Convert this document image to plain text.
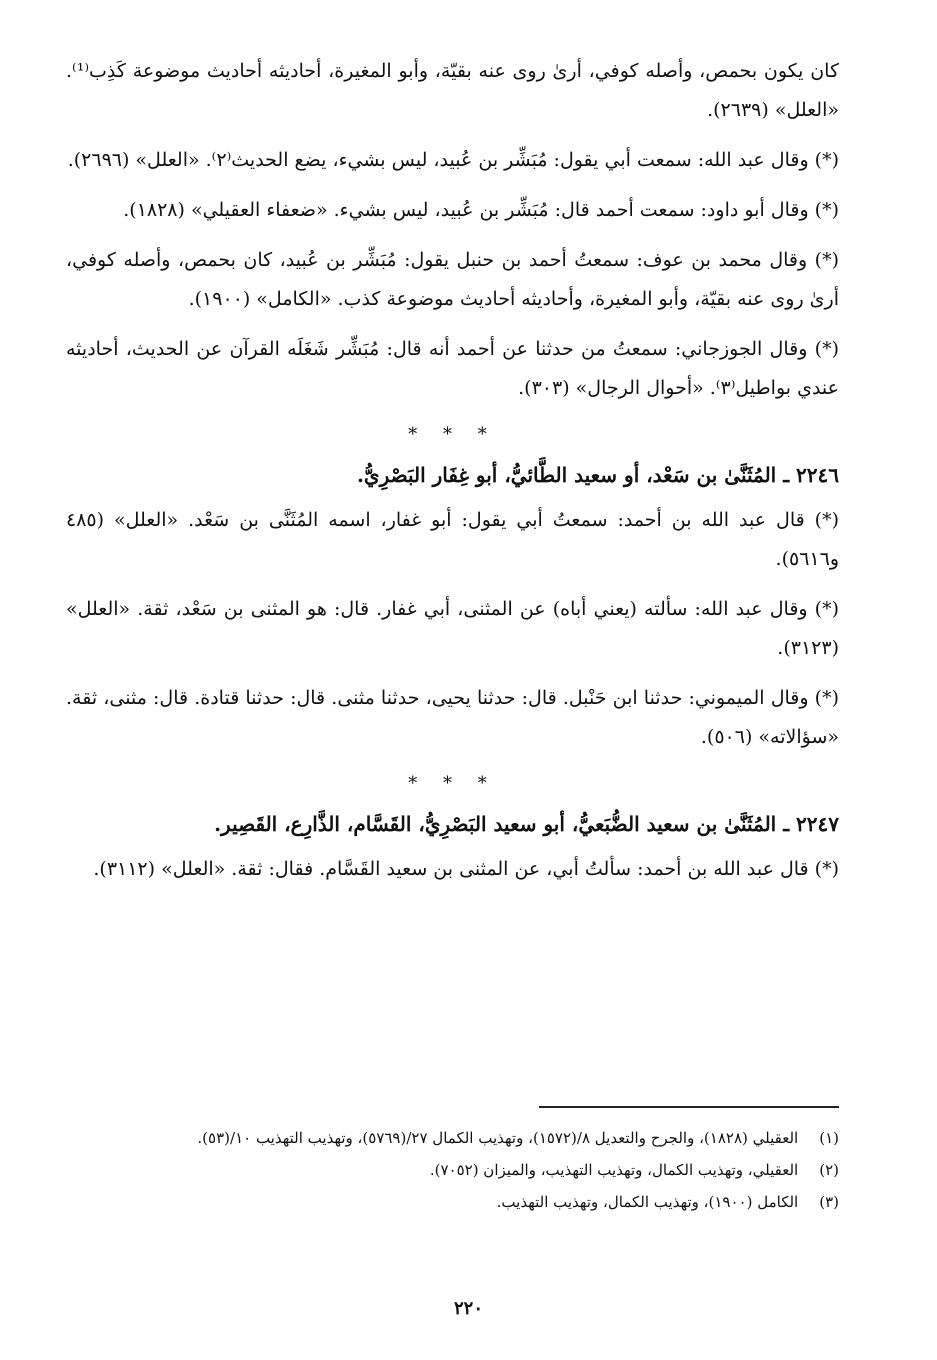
كان يكون بحمص، وأصله كوفي، أرىٰ روى عنه بقيّة، وأبو المغيرة، أحاديثه أحاديث موضوعة كَذِب⁽¹⁾. «العلل» (٢٦٣٩).

(*) وقال عبد الله: سمعت أبي يقول: مُبَشِّر بن عُبيد، ليس بشيء، يضع الحديث⁽٢⁾. «العلل» (٢٦٩٦).

(*) وقال أبو داود: سمعت أحمد قال: مُبَشِّر بن عُبيد، ليس بشيء. «ضعفاء العقيلي» (١٨٢٨).

(*) وقال محمد بن عوف: سمعتُ أحمد بن حنبل يقول: مُبَشِّر بن عُبيد، كان بحمص، وأصله كوفي، أرىٰ روى عنه بقيّة، وأبو المغيرة، وأحاديثه أحاديث موضوعة كذب. «الكامل» (١٩٠٠).

(*) وقال الجوزجاني: سمعتُ من حدثنا عن أحمد أنه قال: مُبَشِّر شَغَلَه القرآن عن الحديث، أحاديثه عندي بواطيل⁽٣⁾. «أحوال الرجال» (٣٠٣).

* * *

٢٢٤٦ ـ المُثَنَّىٰ بن سَعْد، أو سعيد الطَّائيُّ، أبو غِفَار البَصْرِيُّ.

(*) قال عبد الله بن أحمد: سمعتُ أبي يقول: أبو غفار، اسمه المُثَنَّى بن سَعْد. «العلل» (٤٨٥ و٥٦١٦).

(*) وقال عبد الله: سألته (يعني أباه) عن المثنى، أبي غفار. قال: هو المثنى بن سَعْد، ثقة. «العلل» (٣١٢٣).

(*) وقال الميموني: حدثنا ابن حَنْبل. قال: حدثنا يحيى، حدثنا مثنى. قال: حدثنا قتادة. قال: مثنى، ثقة. «سؤالاته» (٥٠٦).

* * *

٢٢٤٧ ـ المُثَنَّىٰ بن سعيد الضُّبَعيُّ، أبو سعيد البَصْرِيُّ، القَسَّام، الذَّارِع، القَصِير.

(*) قال عبد الله بن أحمد: سألتُ أبي، عن المثنى بن سعيد القَسَّام. فقال: ثقة. «العلل» (٣١١٢).

(١) العقيلي (١٨٢٨)، والجرح والتعديل ٨/(١٥٧٢)، وتهذيب الكمال ٢٧/(٥٧٦٩)، وتهذيب التهذيب ١٠/(٥٣).

(٢) العقيلي، وتهذيب الكمال، وتهذيب التهذيب، والميزان (٧٠٥٢).

(٣) الكامل (١٩٠٠)، وتهذيب الكمال، وتهذيب التهذيب.

٢٢٠
